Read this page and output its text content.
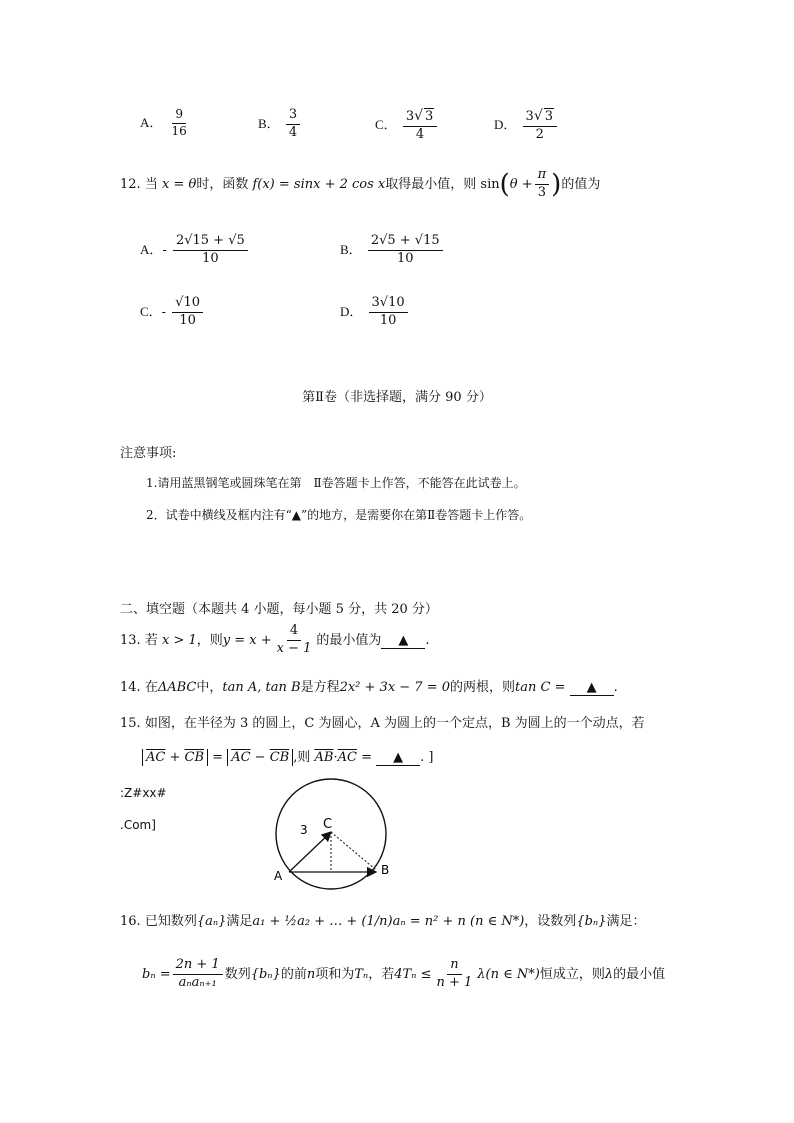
A． $\frac{9}{16}$	B． $\frac{3}{4}$	C． $\frac{3√ 3}{4}$	D． $\frac{3√ 3}{2}$
12. 当 x = θ时，函数 f(x) = sinx + 2 cos x取得最小值，则 $\sin(\theta + \frac{\pi}{3}$ )的值为
A．- $\frac{2√15 + √5}{10}$	B． $\frac{2√5 + √15}{10}$
C．- $\frac{√10}{10}$	D． $\frac{3√10}{10}$
第Ⅱ卷（非选择题，满分 90 分）
注意事项:
1.请用蓝黑钢笔或圆珠笔在第　Ⅱ卷答题卡上作答，不能答在此试卷上。
2．试卷中横线及框内注有“▲”的地方，是需要你在第Ⅱ卷答题卡上作答。
二、填空题（本题共 4 小题，每小题 5 分，共 20 分）
13. 若 x > 1，则$y = x + \frac{4}{x - 1}$ 的最小值为 ▲ .
14. 在ΔABC中，tan A, tan B是方程2x² + 3x − 7 = 0的两根，则tan C = ▲ .
15. 如图，在半径为 3 的圆上，C 为圆心，A 为圆上的一个定点，B 为圆上的一个动点，若
$\overline{AC} + \overline{CB} = \overline{AC} - \overline{CB}$ ,则 $\overline{AB}\cdot\overline{AC}$ = ▲ . ]
:Z#xx#
.Com]	C
A	B
3
16. 已知数列{aₙ}满足a₁ + ½a₂ + … + (1/n)aₙ = n² + n (n ∈ N*)，设数列{bₙ}满足：
$b_n = \frac{2n + 1}{\text{aₙaₙ₊₁}}$ 数列{bₙ}的前n项和为Tₙ，若$4T_n \le \frac{n}{n + 1} \lambda(n$ ∈ N*)恒成立，则λ的最小值
